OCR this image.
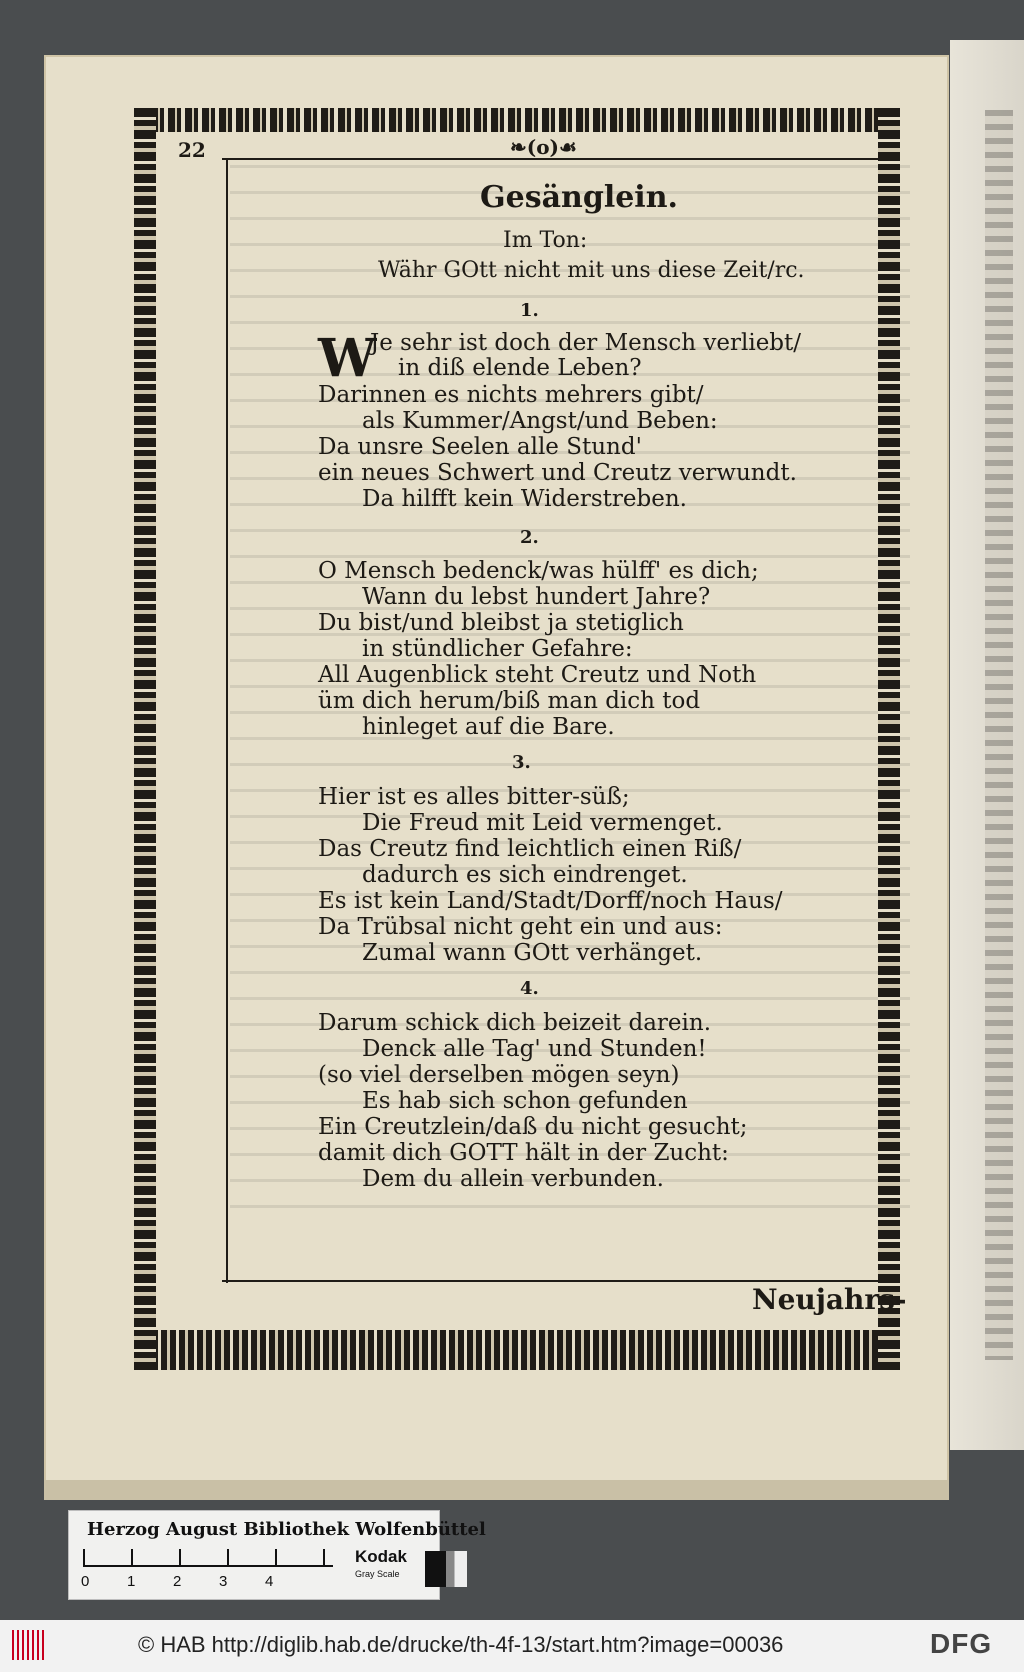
22	❧(o)☙
Gesänglein.
Im Ton:
Währ GOtt nicht mit uns diese Zeit/rc.
1.
W
Je sehr ist doch der Mensch verliebt/
in diß elende Leben?
Darinnen es nichts mehrers gibt/
als Kummer/Angst/und Beben:
Da unsre Seelen alle Stund'
ein neues Schwert und Creutz verwundt.
Da hilfft kein Widerstreben.
2.
O Mensch bedenck/was hülff' es dich;
Wann du lebst hundert Jahre?
Du bist/und bleibst ja stetiglich
in stündlicher Gefahre:
All Augenblick steht Creutz und Noth
üm dich herum/biß man dich tod
hinleget auf die Bare.
3.
Hier ist es alles bitter-süß;
Die Freud mit Leid vermenget.
Das Creutz find leichtlich einen Riß/
dadurch es sich eindrenget.
Es ist kein Land/Stadt/Dorff/noch Haus/
Da Trübsal nicht geht ein und aus:
Zumal wann GOtt verhänget.
4.
Darum schick dich beizeit darein.
Denck alle Tag' und Stunden!
(so viel derselben mögen seyn)
Es hab sich schon gefunden
Ein Creutzlein/daß du nicht gesucht;
damit dich GOTT hält in der Zucht:
Dem du allein verbunden.
Neujahrs-
Herzog August Bibliothek Wolfenbüttel
0	1	2	3	4
Kodak
Gray Scale
© HAB http://diglib.hab.de/drucke/th-4f-13/start.htm?image=00036	DFG
